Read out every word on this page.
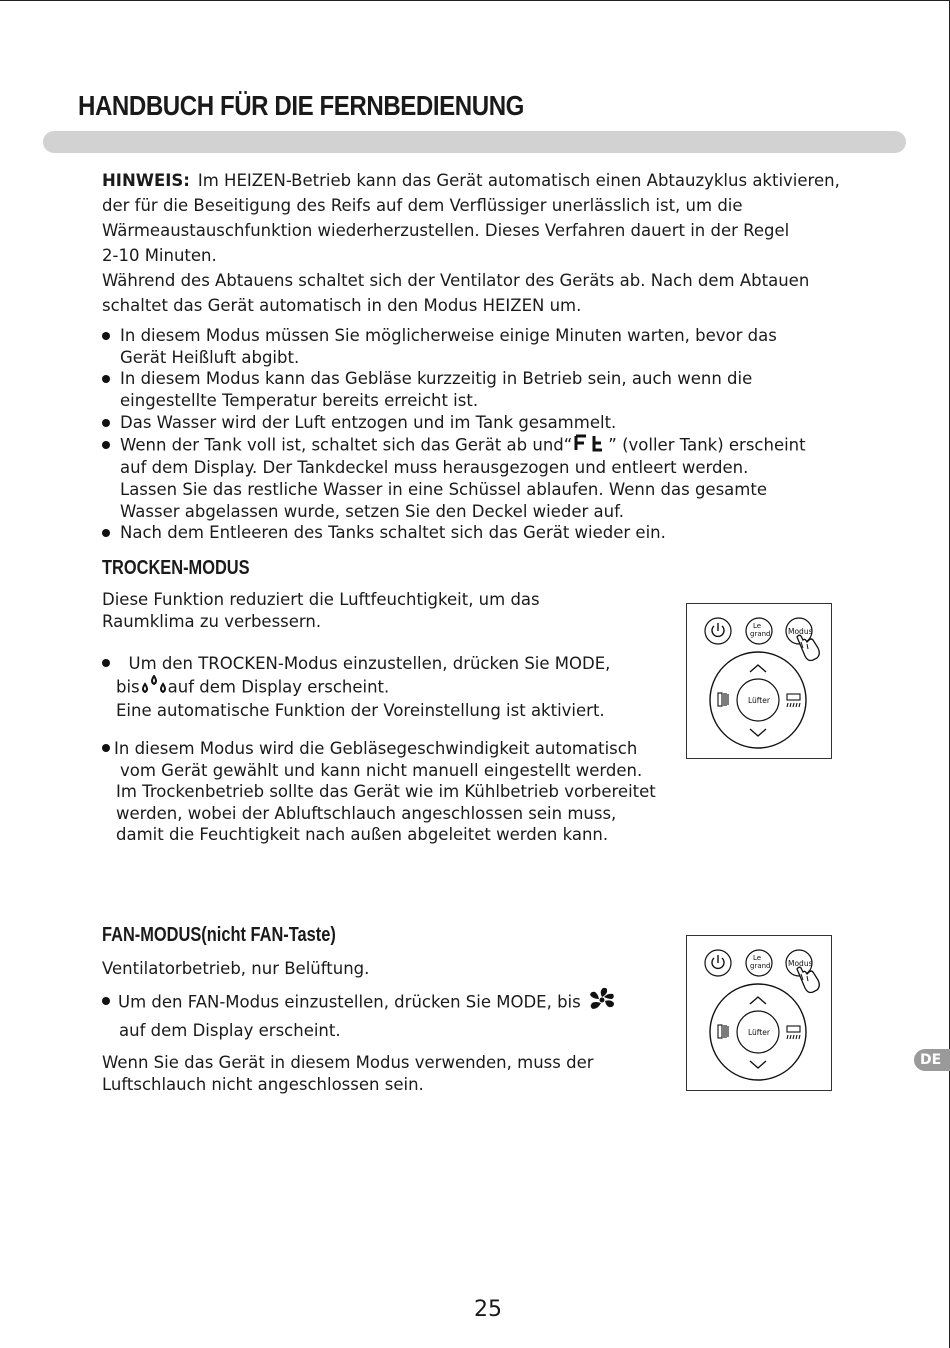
HANDBUCH FÜR DIE FERNBEDIENUNG
HINWEIS: Im HEIZEN-Betrieb kann das Gerät automatisch einen Abtauzyklus aktivieren,
der für die Beseitigung des Reifs auf dem Verflüssiger unerlässlich ist, um die
Wärmeaustauschfunktion wiederherzustellen. Dieses Verfahren dauert in der Regel
2-10 Minuten.
Während des Abtauens schaltet sich der Ventilator des Geräts ab. Nach dem Abtauen
schaltet das Gerät automatisch in den Modus HEIZEN um.
In diesem Modus müssen Sie möglicherweise einige Minuten warten, bevor das
Gerät Heißluft abgibt.
In diesem Modus kann das Gebläse kurzzeitig in Betrieb sein, auch wenn die
eingestellte Temperatur bereits erreicht ist.
Das Wasser wird der Luft entzogen und im Tank gesammelt.
Wenn der Tank voll ist, schaltet sich das Gerät ab und“ ” (voller Tank) erscheint
auf dem Display. Der Tankdeckel muss herausgezogen und entleert werden.
Lassen Sie das restliche Wasser in eine Schüssel ablaufen. Wenn das gesamte
Wasser abgelassen wurde, setzen Sie den Deckel wieder auf.
Nach dem Entleeren des Tanks schaltet sich das Gerät wieder ein.
TROCKEN-MODUS
Diese Funktion reduziert die Luftfeuchtigkeit, um das
Raumklima zu verbessern.
Um den TROCKEN-Modus einzustellen, drücken Sie MODE,
bis auf dem Display erscheint.
Eine automatische Funktion der Voreinstellung ist aktiviert.
In diesem Modus wird die Gebläsegeschwindigkeit automatisch
vom Gerät gewählt und kann nicht manuell eingestellt werden.
Im Trockenbetrieb sollte das Gerät wie im Kühlbetrieb vorbereitet
werden, wobei der Abluftschlauch angeschlossen sein muss,
damit die Feuchtigkeit nach außen abgeleitet werden kann.
Le
grand Modus
Lüfter
FAN-MODUS(nicht FAN-Taste)
Ventilatorbetrieb, nur Belüftung.
Um den FAN-Modus einzustellen, drücken Sie MODE, bis
auf dem Display erscheint.
Wenn Sie das Gerät in diesem Modus verwenden, muss der
Luftschlauch nicht angeschlossen sein.
Le
grand Modus
Lüfter
DE
25
